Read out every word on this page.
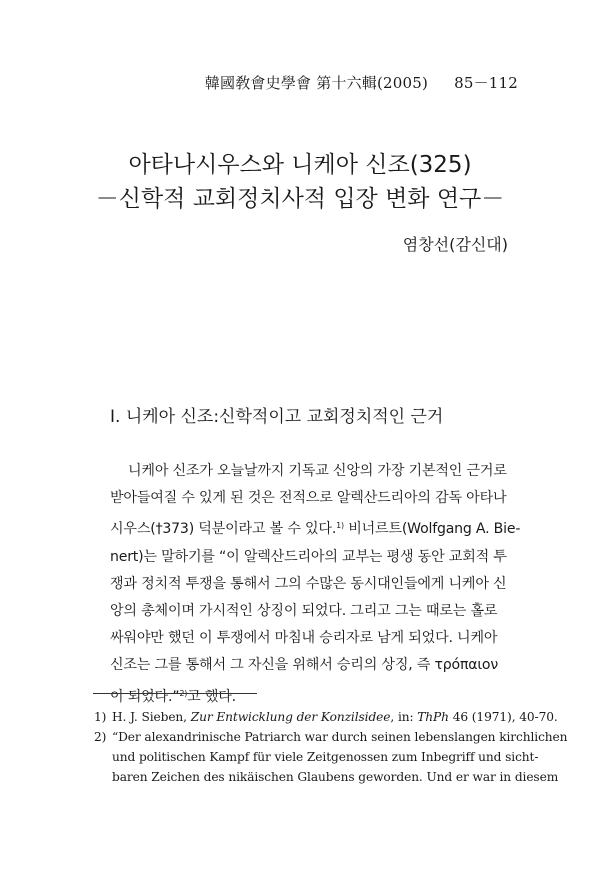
韓國敎會史學會 第十六輯(2005) 85－112
아타나시우스와 니케아 신조(325)
－신학적 교회정치사적 입장 변화 연구－
염창선(감신대)
I. 니케아 신조:신학적이고 교회정치적인 근거
니케아 신조가 오늘날까지 기독교 신앙의 가장 기본적인 근거로
받아들여질 수 있게 된 것은 전적으로 알렉산드리아의 감독 아타나
시우스(†373) 덕분이라고 볼 수 있다.$^{1)}$ 비너르트(Wolfgang A. Bie-
nert)는 말하기를 “이 알렉산드리아의 교부는 평생 동안 교회적 투
쟁과 정치적 투쟁을 통해서 그의 수많은 동시대인들에게 니케아 신
앙의 총체이며 가시적인 상징이 되었다. 그리고 그는 때로는 홀로
싸워야만 했던 이 투쟁에서 마침내 승리자로 남게 되었다. 니케아
신조는 그를 통해서 그 자신을 위해서 승리의 상징, 즉 τρόπαιον
이 되었다.”$^{2)}$고 했다.
1) H. J. Sieben, Zur Entwicklung der Konzilsidee, in: ThPh 46 (1971), 40-70.
2) “Der alexandrinische Patriarch war durch seinen lebenslangen kirchlichen
und politischen Kampf für viele Zeitgenossen zum Inbegriff und sicht-
baren Zeichen des nikäischen Glaubens geworden. Und er war in diesem
